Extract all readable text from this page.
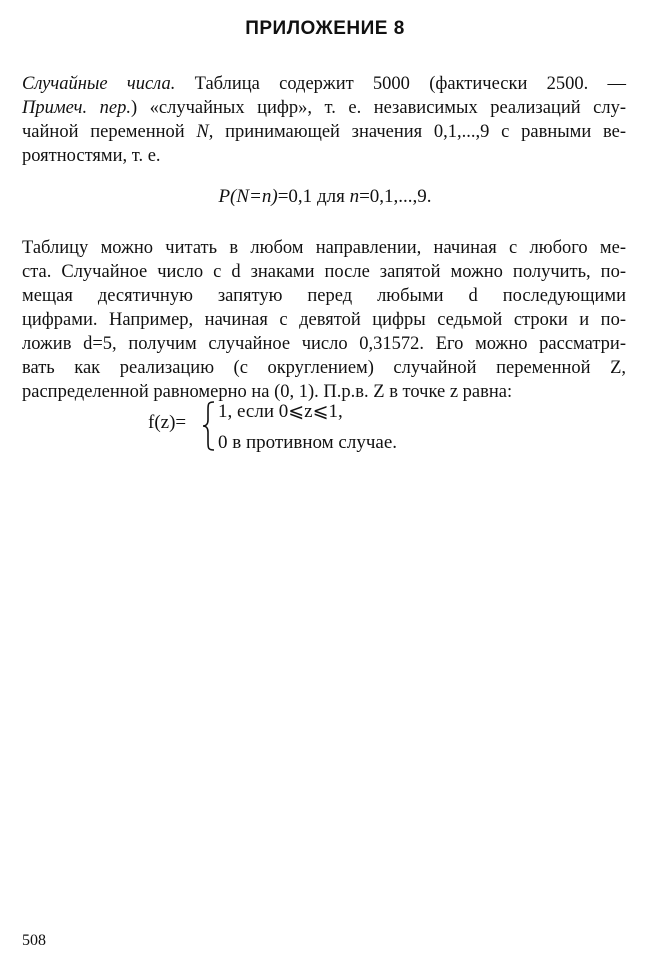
ПРИЛОЖЕНИЕ 8
Случайные числа. Таблица содержит 5000 (фактически 2500. —
Примеч. пер.) «случайных цифр», т. е. независимых реализаций слу-
чайной переменной N, принимающей значения 0,1,...,9 с равными ве-
роятностями, т. е.
P(N=n)=0,1 для n=0,1,...,9.
Таблицу можно читать в любом направлении, начиная с любого ме-
ста. Случайное число с d знаками после запятой можно получить, по-
мещая десятичную запятую перед любыми d последующими
цифрами. Например, начиная с девятой цифры седьмой строки и по-
ложив d=5, получим случайное число 0,31572. Его можно рассматри-
вать как реализацию (с округлением) случайной переменной Z,
распределенной равномерно на (0, 1). П.р.в. Z в точке z равна:
f(z)=
1, если 0⩽z⩽1,
0 в противном случае.
508
